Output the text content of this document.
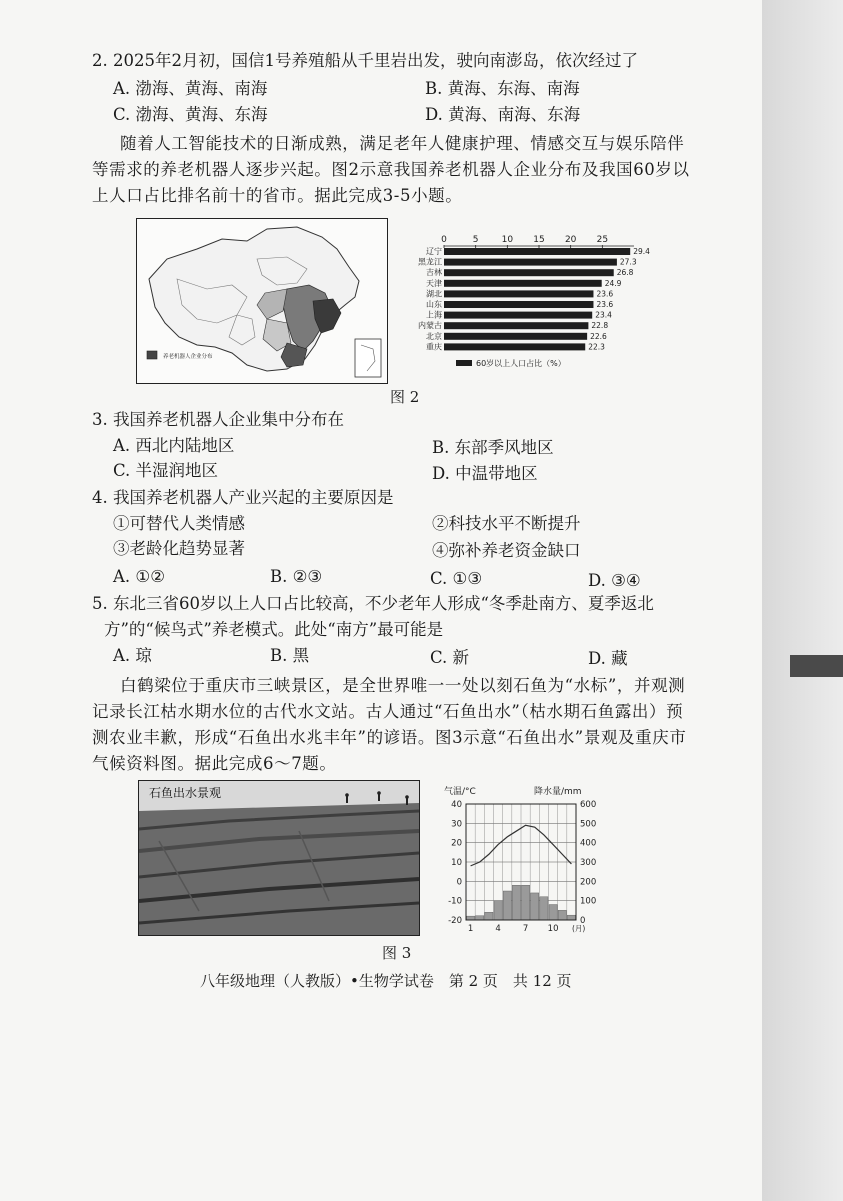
2. 2025年2月初，国信1号养殖船从千里岩出发，驶向南澎岛，依次经过了
A. 渤海、黄海、南海	B. 黄海、东海、南海
C. 渤海、黄海、东海	D. 黄海、南海、东海
随着人工智能技术的日渐成熟，满足老年人健康护理、情感交互与娱乐陪伴等需求的养老机器人逐步兴起。图2示意我国养老机器人企业分布及我国60岁以上人口占比排名前十的省市。据此完成3-5小题。
养老机器人企业分布
0	5	10 15 20 25
辽宁	29.4
黑龙江	27.3
吉林	26.8
天津	24.9
湖北	23.6
山东	23.6
上海	23.4
内蒙古	22.8
北京	22.6
重庆	22.3
60岁以上人口占比（%）
图 2
3. 我国养老机器人企业集中分布在
A. 西北内陆地区	B. 东部季风地区
C. 半湿润地区	D. 中温带地区
4. 我国养老机器人产业兴起的主要原因是
①可替代人类情感	②科技水平不断提升
③老龄化趋势显著	④弥补养老资金缺口
A. ①②	B. ②③	C. ①③	D. ③④
5. 东北三省60岁以上人口占比较高，不少老年人形成“冬季赴南方、夏季返北
方”的“候鸟式”养老模式。此处“南方”最可能是
A. 琼	B. 黑	C. 新	D. 藏
白鹤梁位于重庆市三峡景区，是全世界唯一一处以刻石鱼为“水标”，并观测记录长江枯水期水位的古代水文站。古人通过“石鱼出水”（枯水期石鱼露出）预测农业丰歉，形成“石鱼出水兆丰年”的谚语。图3示意“石鱼出水”景观及重庆市气候资料图。据此完成6～7题。
石鱼出水景观	气温/°C	降水量/mm
-20
-10
0
10
20
30
40
0
100
200
300
400
500
600
1	4	7 10 (月)
图 3
八年级地理（人教版）•生物学试卷　第 2 页　共 12 页
